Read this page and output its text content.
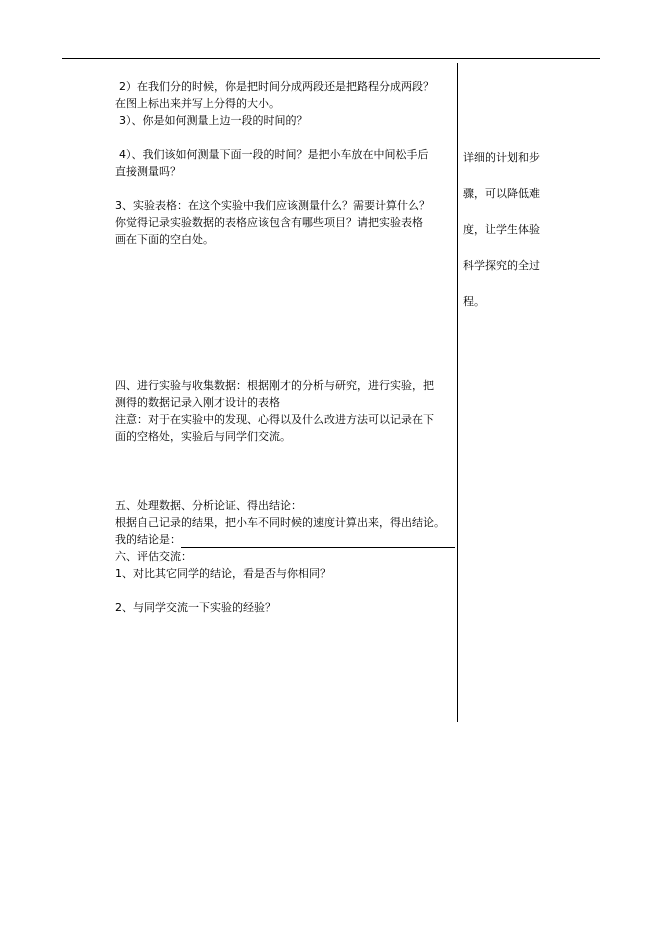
2）在我们分的时候，你是把时间分成两段还是把路程分成两段？

在图上标出来并写上分得的大小。

3）、你是如何测量上边一段的时间的？

4）、我们该如何测量下面一段的时间？是把小车放在中间松手后

直接测量吗？

3、实验表格：在这个实验中我们应该测量什么？需要计算什么？

你觉得记录实验数据的表格应该包含有哪些项目？请把实验表格

画在下面的空白处。

四、进行实验与收集数据：根据刚才的分析与研究，进行实验，把

测得的数据记录入刚才设计的表格

注意：对于在实验中的发现、心得以及什么改进方法可以记录在下

面的空格处，实验后与同学们交流。

五、处理数据、分析论证、得出结论：

根据自己记录的结果，把小车不同时候的速度计算出来，得出结论。

我的结论是：

六、评估交流：

1、对比其它同学的结论，看是否与你相同？

2、与同学交流一下实验的经验？

详细的计划和步

骤，可以降低难

度，让学生体验

科学探究的全过

程。
